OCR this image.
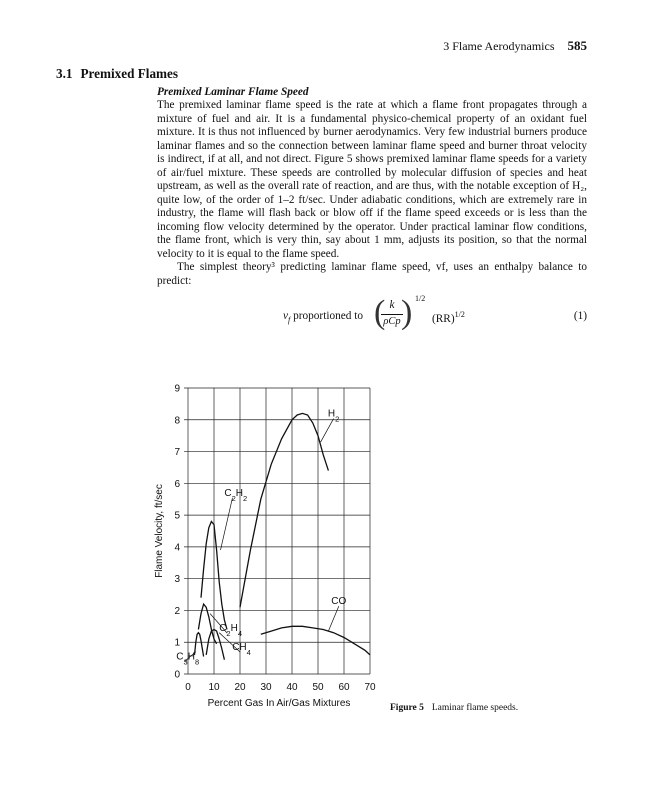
3 Flame Aerodynamics 585
3.1 Premixed Flames
Premixed Laminar Flame Speed

The premixed laminar flame speed is the rate at which a flame front propagates through a mixture of fuel and air. It is a fundamental physico-chemical property of an oxidant fuel mixture. It is thus not influenced by burner aerodynamics. Very few industrial burners produce laminar flames and so the connection between laminar flame speed and burner throat velocity is indirect, if at all, and not direct. Figure 5 shows premixed laminar flame speeds for a variety of air/fuel mixture. These speeds are controlled by molecular diffusion of species and heat upstream, as well as the overall rate of reaction, and are thus, with the notable exception of H₂, quite low, of the order of 1–2 ft/sec. Under adiabatic conditions, which are extremely rare in industry, the flame will flash back or blow off if the flame speed exceeds or is less than the incoming flow velocity determined by the operator. Under practical laminar flow conditions, the flame front, which is very thin, say about 1 mm, adjusts its position, so that the normal velocity to it is equal to the flame speed.

The simplest theory³ predicting laminar flame speed, vf, uses an enthalpy balance to predict:

$v_f$ proportioned to ( k
ρCp ) 1/2
(RR)$^{1/2}$	(1)
0 10 20 30 40 50 60 70
0
1
2
3
4
5
6
7
8
9
Percent Gas In Air/Gas Mixtures
Flame Velocity, ft/sec
$H_2$
$C_2H_2$
CO
$C_2H_4$
$CH_4$
$C_3H_8$
Figure 5 Laminar flame speeds.
